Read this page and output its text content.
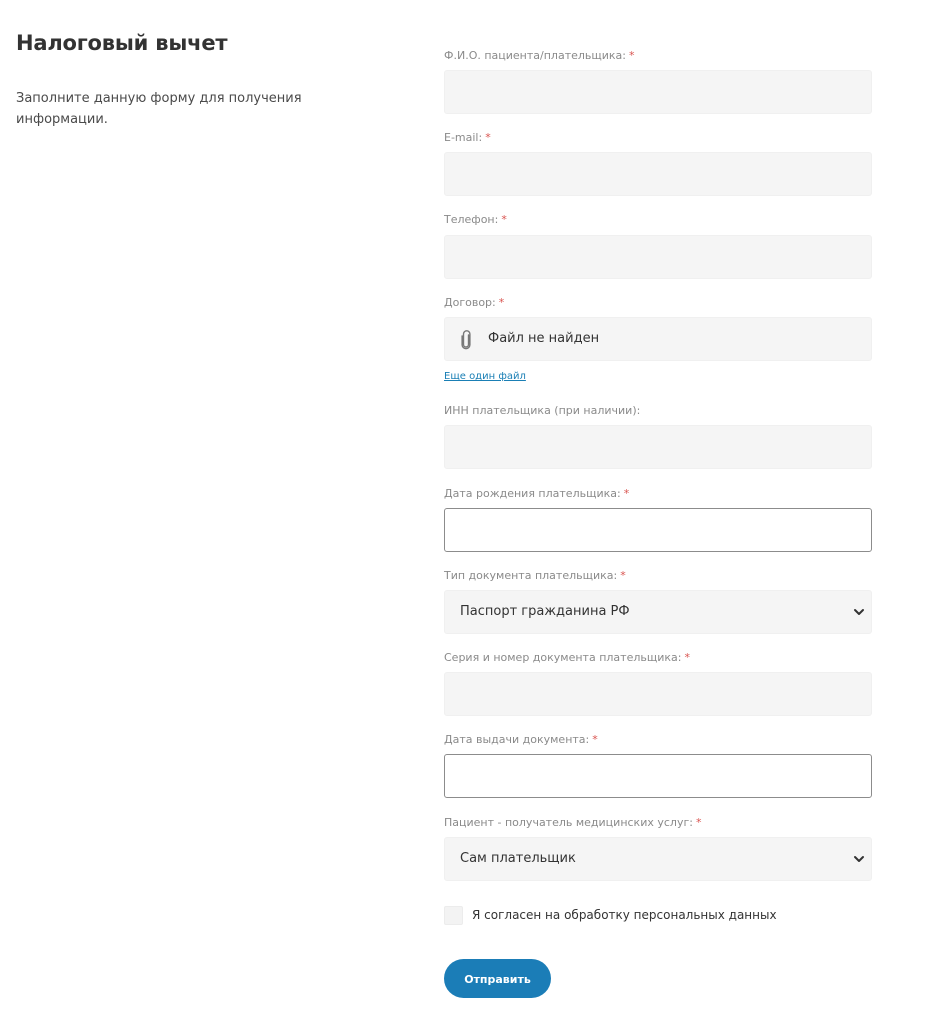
Налоговый вычет

Заполните данную форму для получения информации.

Ф.И.О. пациента/плательщика: *
E-mail: *
Телефон: *
Договор: *
Файл не найден
Еще один файл
ИНН плательщика (при наличии):
Дата рождения плательщика: *
Тип документа плательщика: *
Паспорт гражданина РФ
Серия и номер документа плательщика: *
Дата выдачи документа: *
Пациент - получатель медицинских услуг: *
Сам плательщик
Я согласен на обработку персональных данных
Отправить
